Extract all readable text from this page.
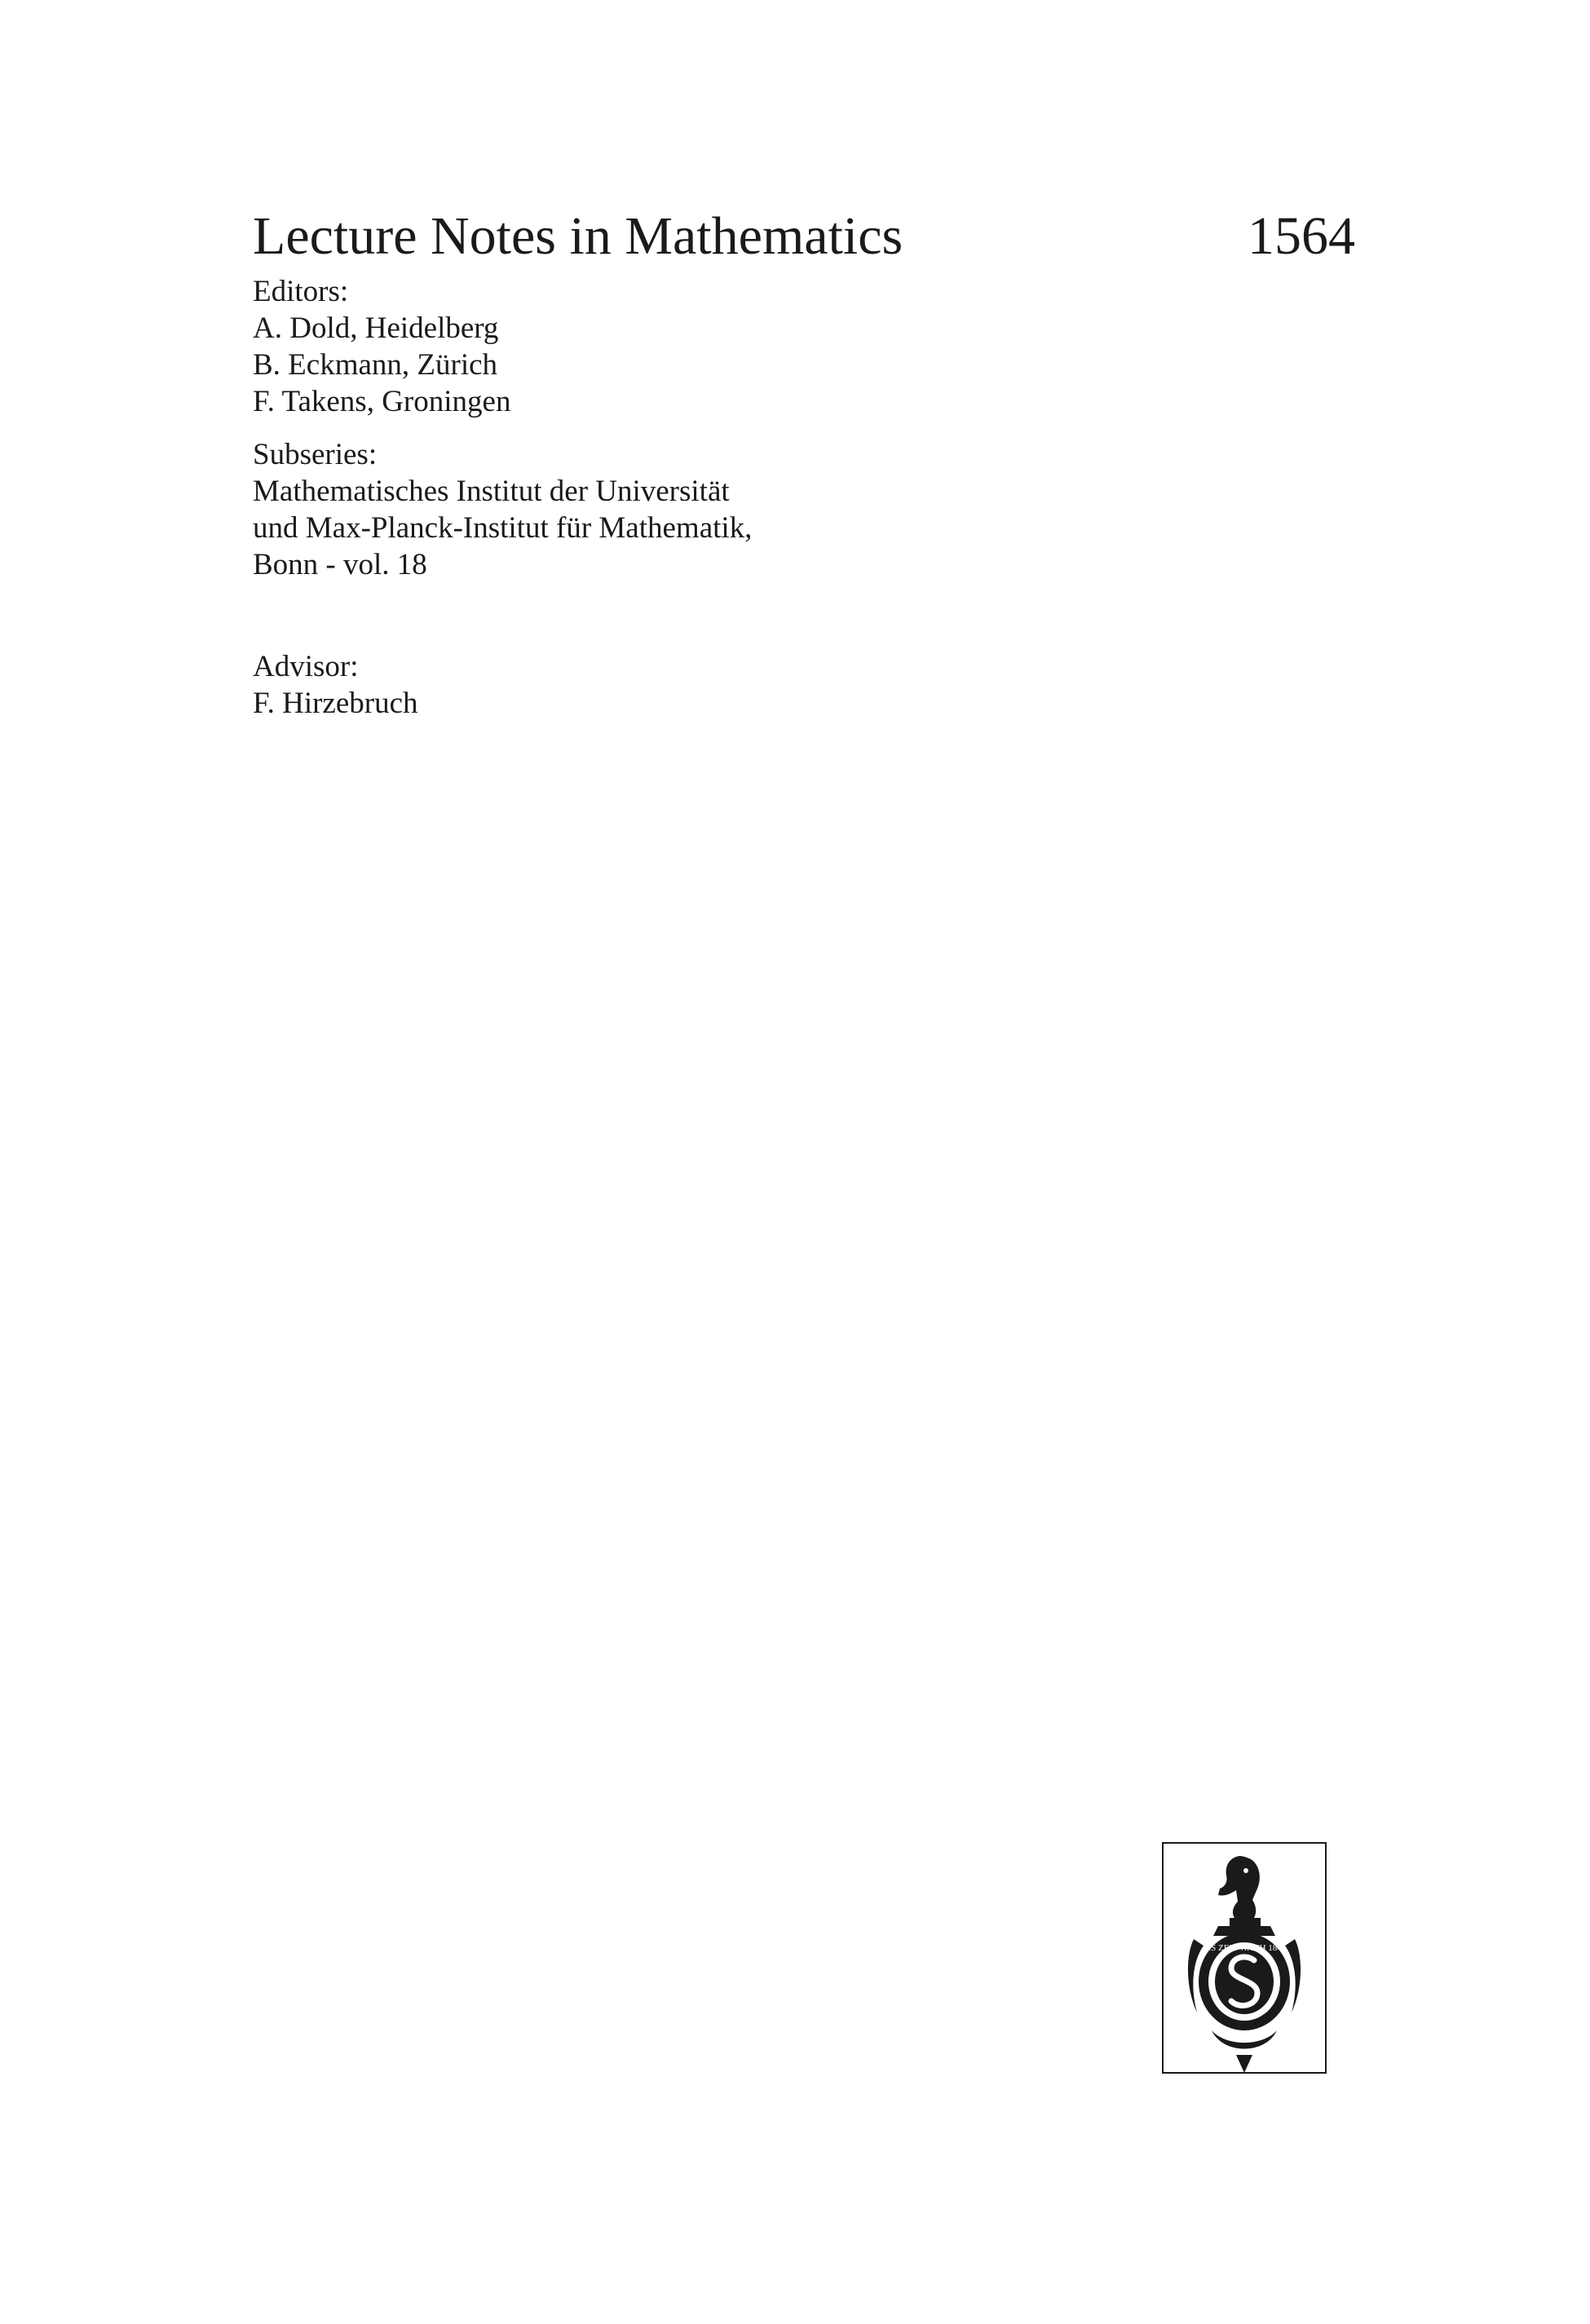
Lecture Notes in Mathematics	1564
Editors:
A. Dold, Heidelberg
B. Eckmann, Zürich
F. Takens, Groningen
Subseries:
Mathematisches Institut der Universität
und Max-Planck-Institut für Mathematik,
Bonn - vol. 18
Advisor:
F. Hirzebruch
LIS ZEIT WACH 1842
